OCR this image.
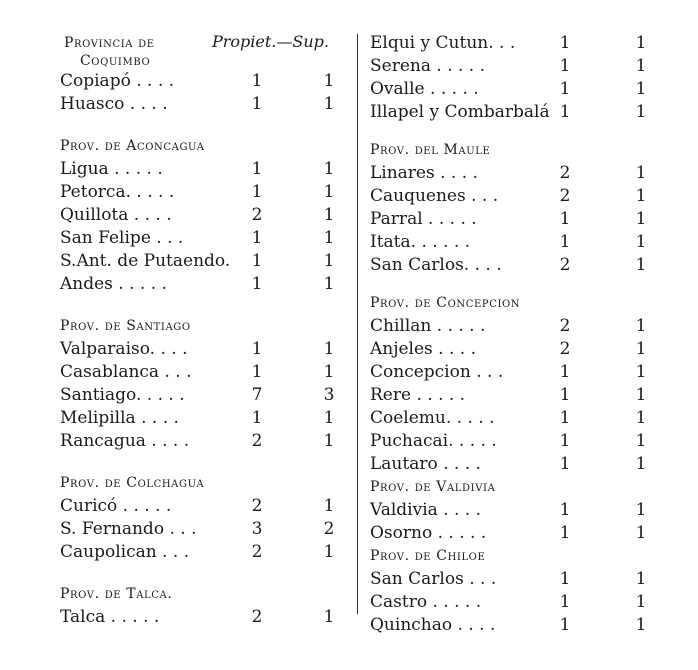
Provincia de	Propiet.—Sup.
Coquimbo
Copiapó . . . .	1	1
Huasco . . . .	1	1
Prov. de Aconcagua
Ligua . . . . .	1	1
Petorca. . . . .	1	1
Quillota . . . .	2	1
San Felipe . . .	1	1
S.Ant. de Putaendo. 1	1
Andes . . . . .	1	1
Prov. de Santiago
Valparaiso. . . .	1	1
Casablanca . . .	1	1
Santiago. . . . .	7	3
Melipilla . . . .	1	1
Rancagua . . . .	2	1
Prov. de Colchagua
Curicó . . . . .	2	1
S. Fernando . . .	3	2
Caupolican . . .	2	1
Prov. de Talca.
Talca . . . . .	2	1
Elqui y Cutun. . .	1	1
Serena . . . . .	1	1
Ovalle . . . . .	1	1
Illapel y Combarbalá 1	1
Prov. del Maule
Linares . . . .	2	1
Cauquenes . . .	2	1
Parral . . . . .	1	1
Itata. . . . . .	1	1
San Carlos. . . .	2	1
Prov. de Concepcion
Chillan . . . . .	2	1
Anjeles . . . .	2	1
Concepcion . . .	1	1
Rere . . . . .	1	1
Coelemu. . . . .	1	1
Puchacai. . . . .	1	1
Lautaro . . . .	1	1
Prov. de Valdivia
Valdivia . . . .	1	1
Osorno . . . . .	1	1
Prov. de Chiloe
San Carlos . . .	1	1
Castro . . . . .	1	1
Quinchao . . . .	1	1
